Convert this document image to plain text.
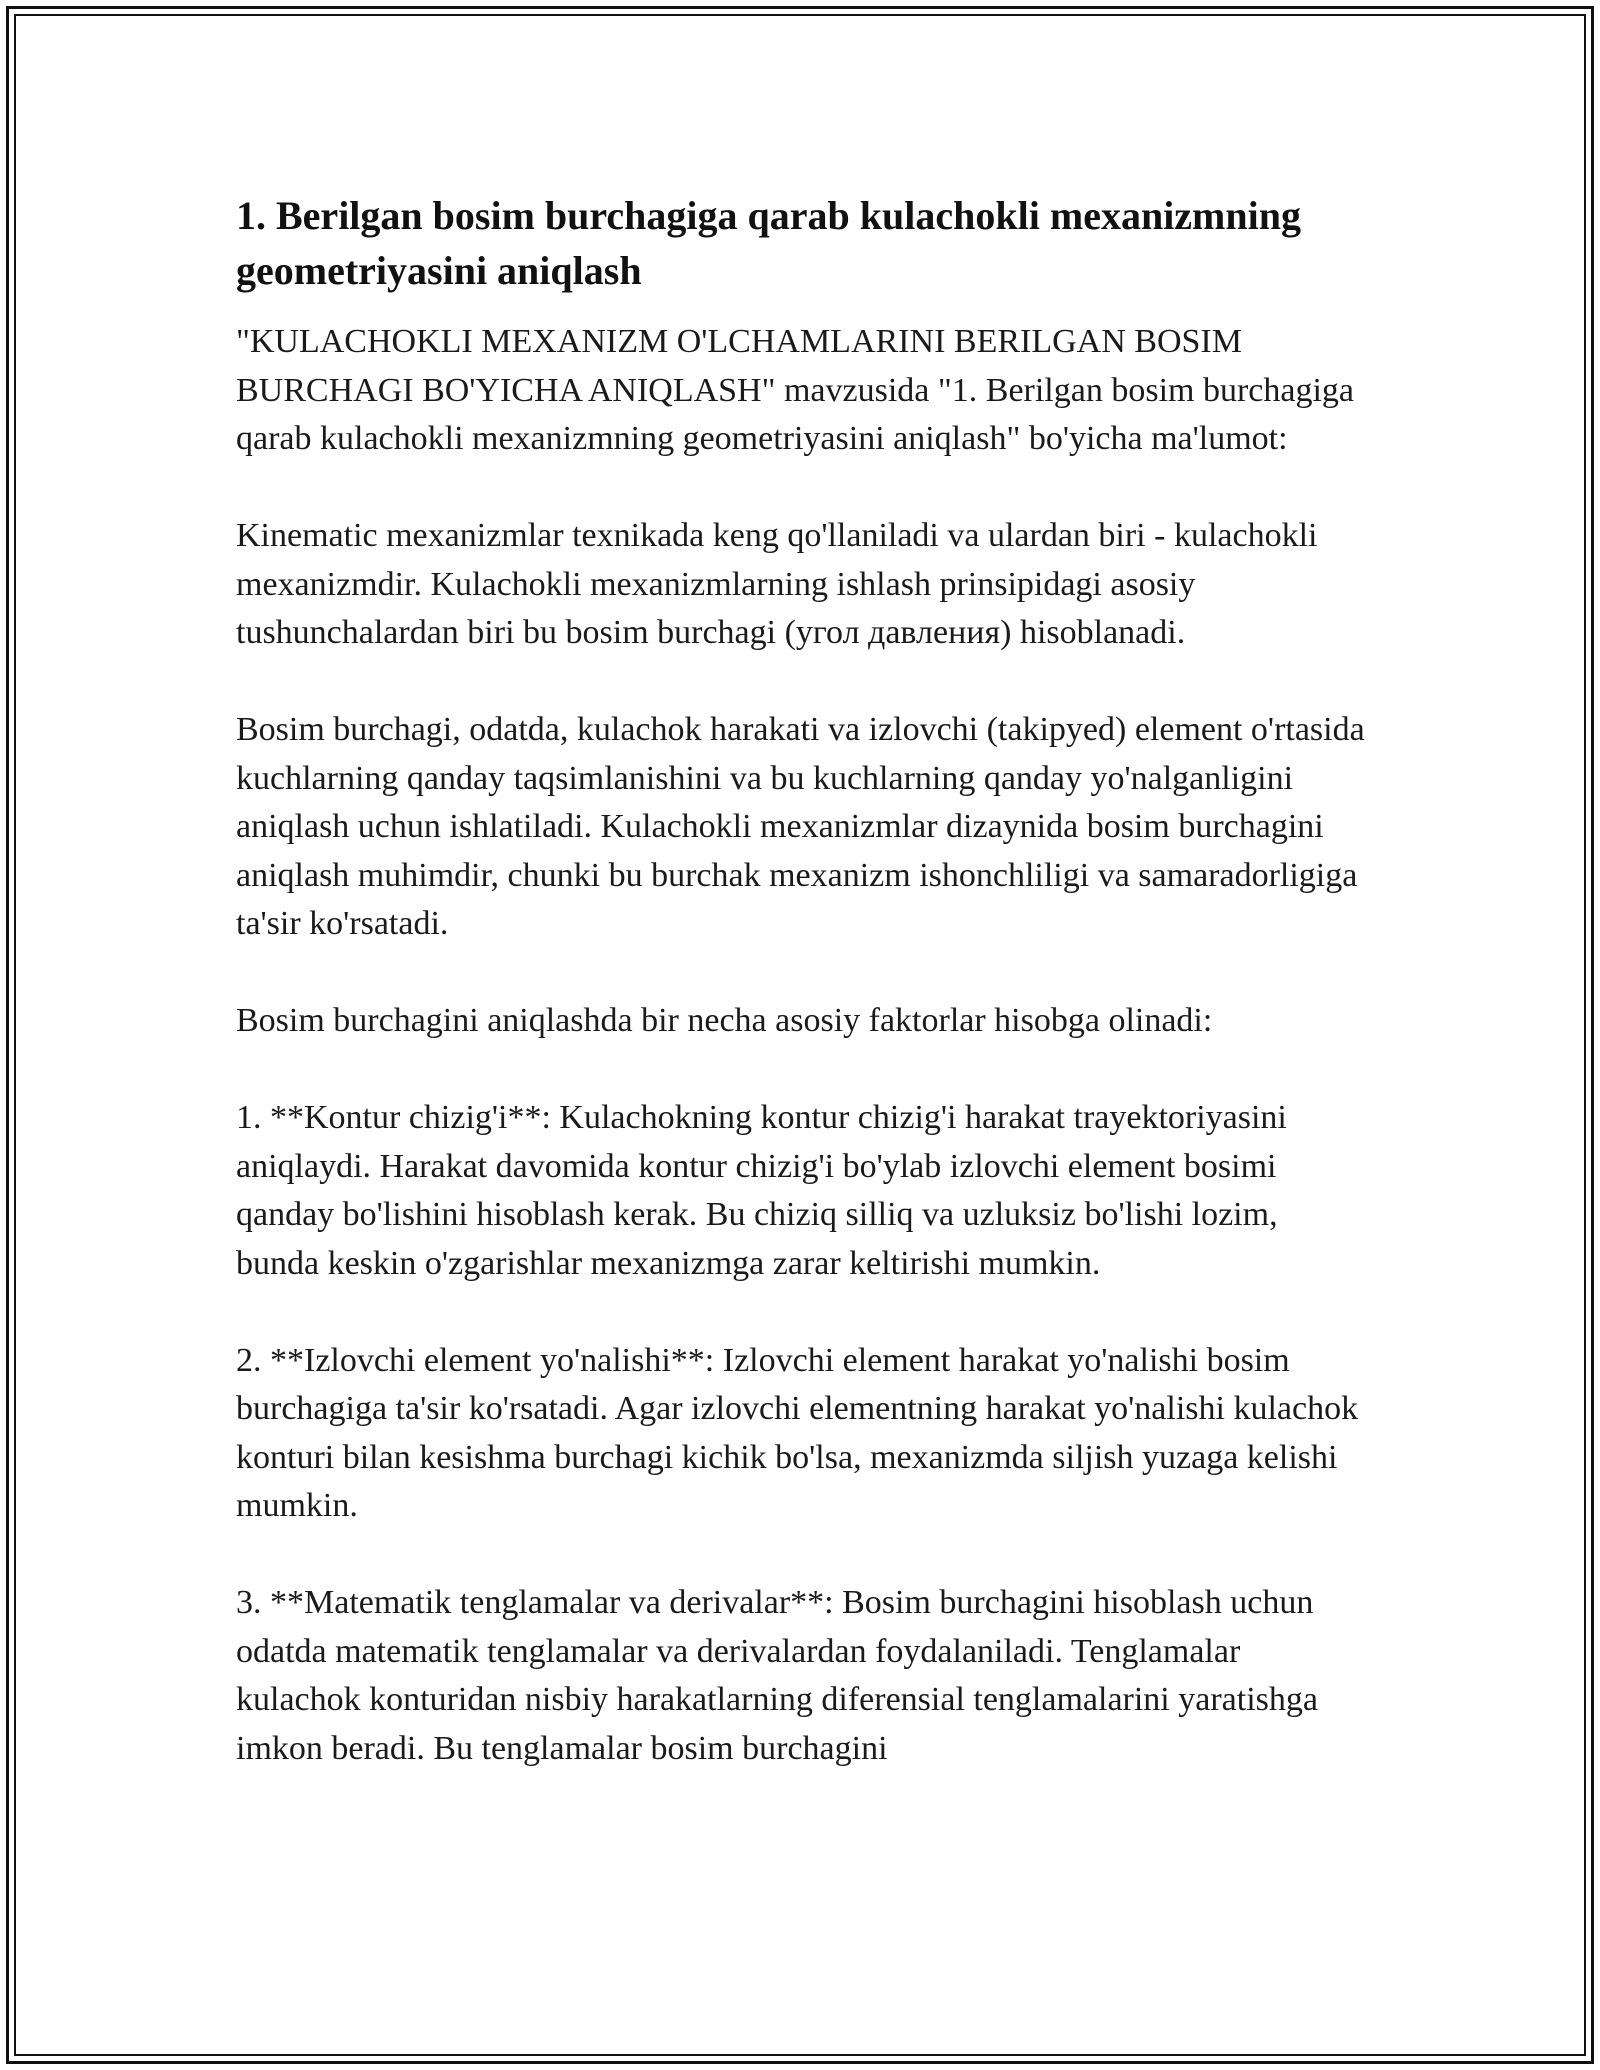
1. Berilgan bosim burchagiga qarab kulachokli mexanizmning geometriyasini aniqlash

"KULACHOKLI MEXANIZM O'LCHAMLARINI BERILGAN BOSIM BURCHAGI BO'YICHA ANIQLASH" mavzusida "1. Berilgan bosim burchagiga qarab kulachokli mexanizmning geometriyasini aniqlash" bo'yicha ma'lumot:

Kinematic mexanizmlar texnikada keng qo'llaniladi va ulardan biri - kulachokli mexanizmdir. Kulachokli mexanizmlarning ishlash prinsipidagi asosiy tushunchalardan biri bu bosim burchagi (угол давления) hisoblanadi.

Bosim burchagi, odatda, kulachok harakati va izlovchi (takipyed) element o'rtasida kuchlarning qanday taqsimlanishini va bu kuchlarning qanday yo'nalganligini aniqlash uchun ishlatiladi. Kulachokli mexanizmlar dizaynida bosim burchagini aniqlash muhimdir, chunki bu burchak mexanizm ishonchliligi va samaradorligiga ta'sir ko'rsatadi.

Bosim burchagini aniqlashda bir necha asosiy faktorlar hisobga olinadi:

1. **Kontur chizig'i**: Kulachokning kontur chizig'i harakat trayektoriyasini aniqlaydi. Harakat davomida kontur chizig'i bo'ylab izlovchi element bosimi qanday bo'lishini hisoblash kerak. Bu chiziq silliq va uzluksiz bo'lishi lozim, bunda keskin o'zgarishlar mexanizmga zarar keltirishi mumkin.

2. **Izlovchi element yo'nalishi**: Izlovchi element harakat yo'nalishi bosim burchagiga ta'sir ko'rsatadi. Agar izlovchi elementning harakat yo'nalishi kulachok konturi bilan kesishma burchagi kichik bo'lsa, mexanizmda siljish yuzaga kelishi mumkin.

3. **Matematik tenglamalar va derivalar**: Bosim burchagini hisoblash uchun odatda matematik tenglamalar va derivalardan foydalaniladi. Tenglamalar kulachok konturidan nisbiy harakatlarning diferensial tenglamalarini yaratishga imkon beradi. Bu tenglamalar bosim burchagini
